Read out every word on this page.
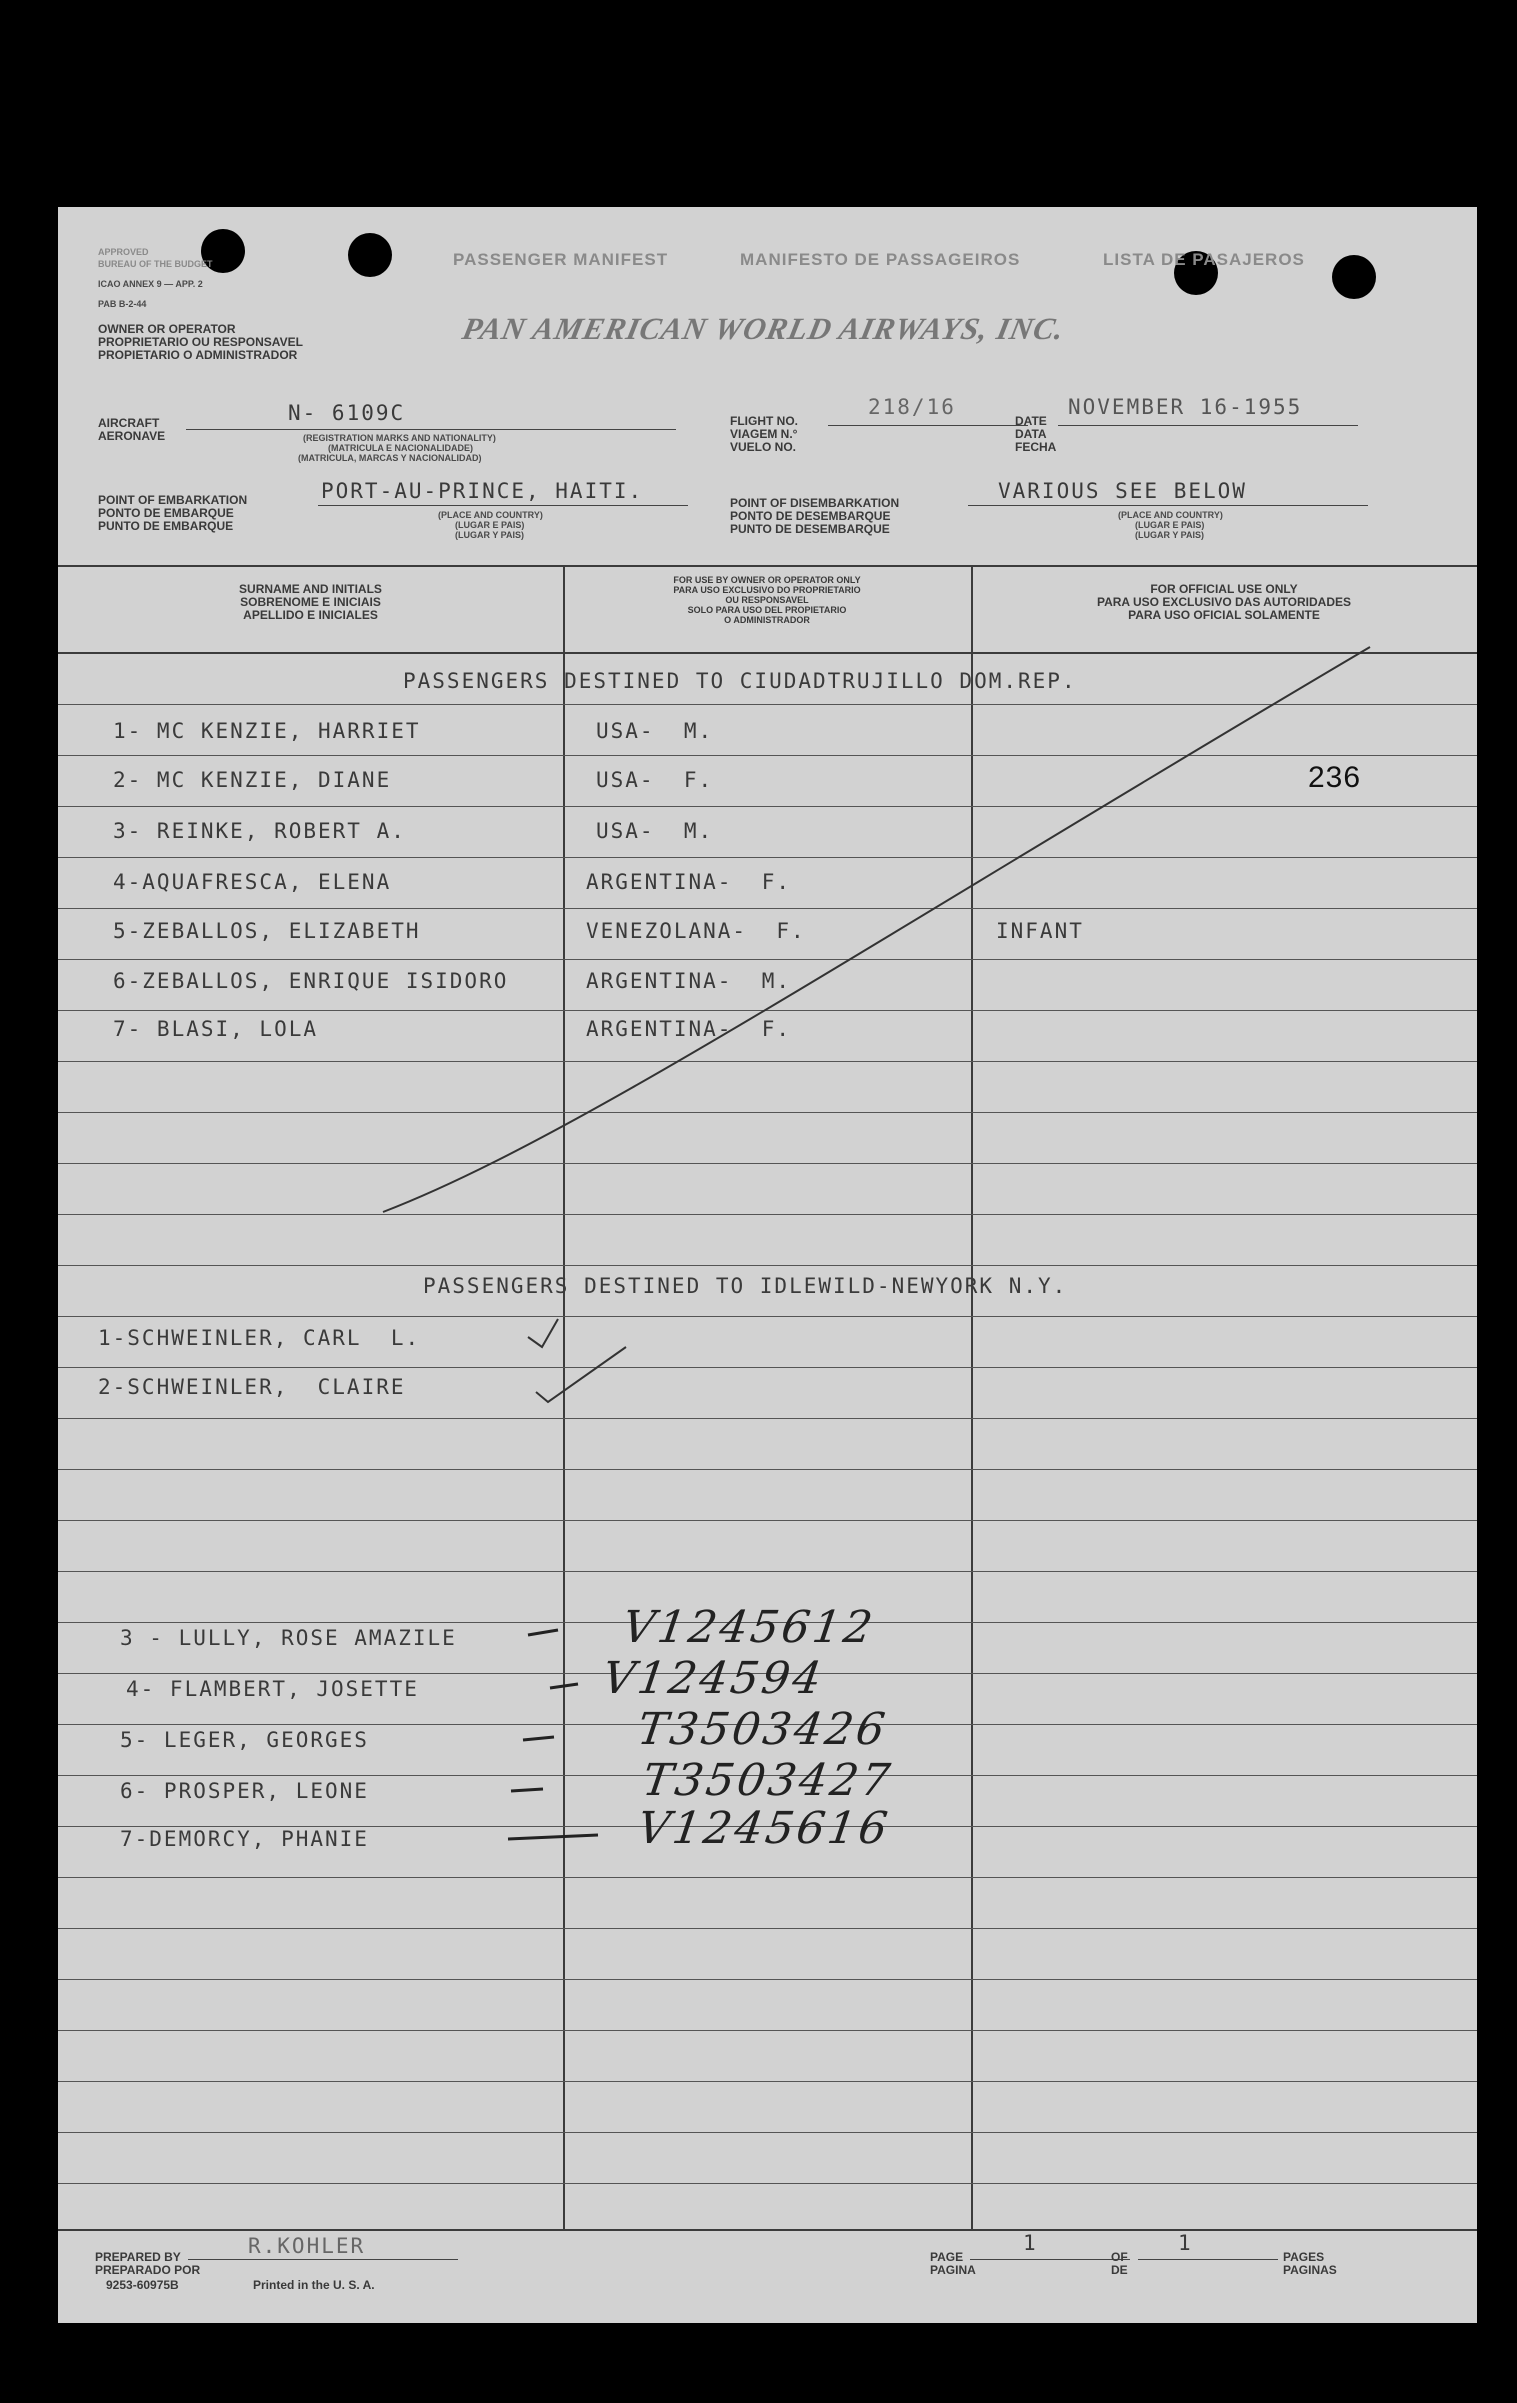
APPROVED
BUREAU OF THE BUDGET
ICAO ANNEX 9 — APP. 2
PAB B-2-44
PASSENGER MANIFEST	MANIFESTO DE PASSAGEIROS	LISTA DE PASAJEROS
OWNER OR OPERATOR
PROPRIETARIO OU RESPONSAVEL
PROPIETARIO O ADMINISTRADOR
PAN AMERICAN WORLD AIRWAYS, INC.
AIRCRAFT
AERONAVE
N- 6109C
(REGISTRATION MARKS AND NATIONALITY)
(MATRICULA E NACIONALIDADE)
(MATRICULA, MARCAS Y NACIONALIDAD)
FLIGHT NO.
VIAGEM N.°
VUELO NO.
218/16
DATE
DATA
FECHA
NOVEMBER 16-1955
POINT OF EMBARKATION
PONTO DE EMBARQUE
PUNTO DE EMBARQUE
PORT-AU-PRINCE, HAITI.
(PLACE AND COUNTRY)
(LUGAR E PAIS)
(LUGAR Y PAIS)
POINT OF DISEMBARKATION
PONTO DE DESEMBARQUE
PUNTO DE DESEMBARQUE
VARIOUS SEE BELOW
(PLACE AND COUNTRY)
(LUGAR E PAIS)
(LUGAR Y PAIS)
SURNAME AND INITIALS
SOBRENOME E INICIAIS
APELLIDO E INICIALES
FOR USE BY OWNER OR OPERATOR ONLY
PARA USO EXCLUSIVO DO PROPRIETARIO
OU RESPONSAVEL
SOLO PARA USO DEL PROPIETARIO
O ADMINISTRADOR
FOR OFFICIAL USE ONLY
PARA USO EXCLUSIVO DAS AUTORIDADES
PARA USO OFICIAL SOLAMENTE
PASSENGERS DESTINED TO CIUDADTRUJILLO DOM.REP.
1- MC KENZIE, HARRIET	USA-  M.
2- MC KENZIE, DIANE	USA-  F.
3- REINKE, ROBERT A.	USA-  M.
4-AQUAFRESCA, ELENA	ARGENTINA-  F.
5-ZEBALLOS, ELIZABETH	VENEZOLANA-  F.	INFANT
6-ZEBALLOS, ENRIQUE ISIDORO	ARGENTINA-  M.
7- BLASI, LOLA	ARGENTINA-  F.
236
PASSENGERS DESTINED TO IDLEWILD-NEWYORK N.Y.
1-SCHWEINLER, CARL  L.
2-SCHWEINLER,  CLAIRE
3 - LULLY, ROSE AMAZILE	V1245612
4- FLAMBERT, JOSETTE	V124594
5- LEGER, GEORGES	T3503426
6- PROSPER, LEONE	T3503427
7-DEMORCY, PHANIE	V1245616
PREPARED BY
PREPARADO POR
R.KOHLER
9253-60975B	Printed in the U. S. A.
PAGE
PAGINA
1
OF
DE
1
PAGES
PAGINAS
